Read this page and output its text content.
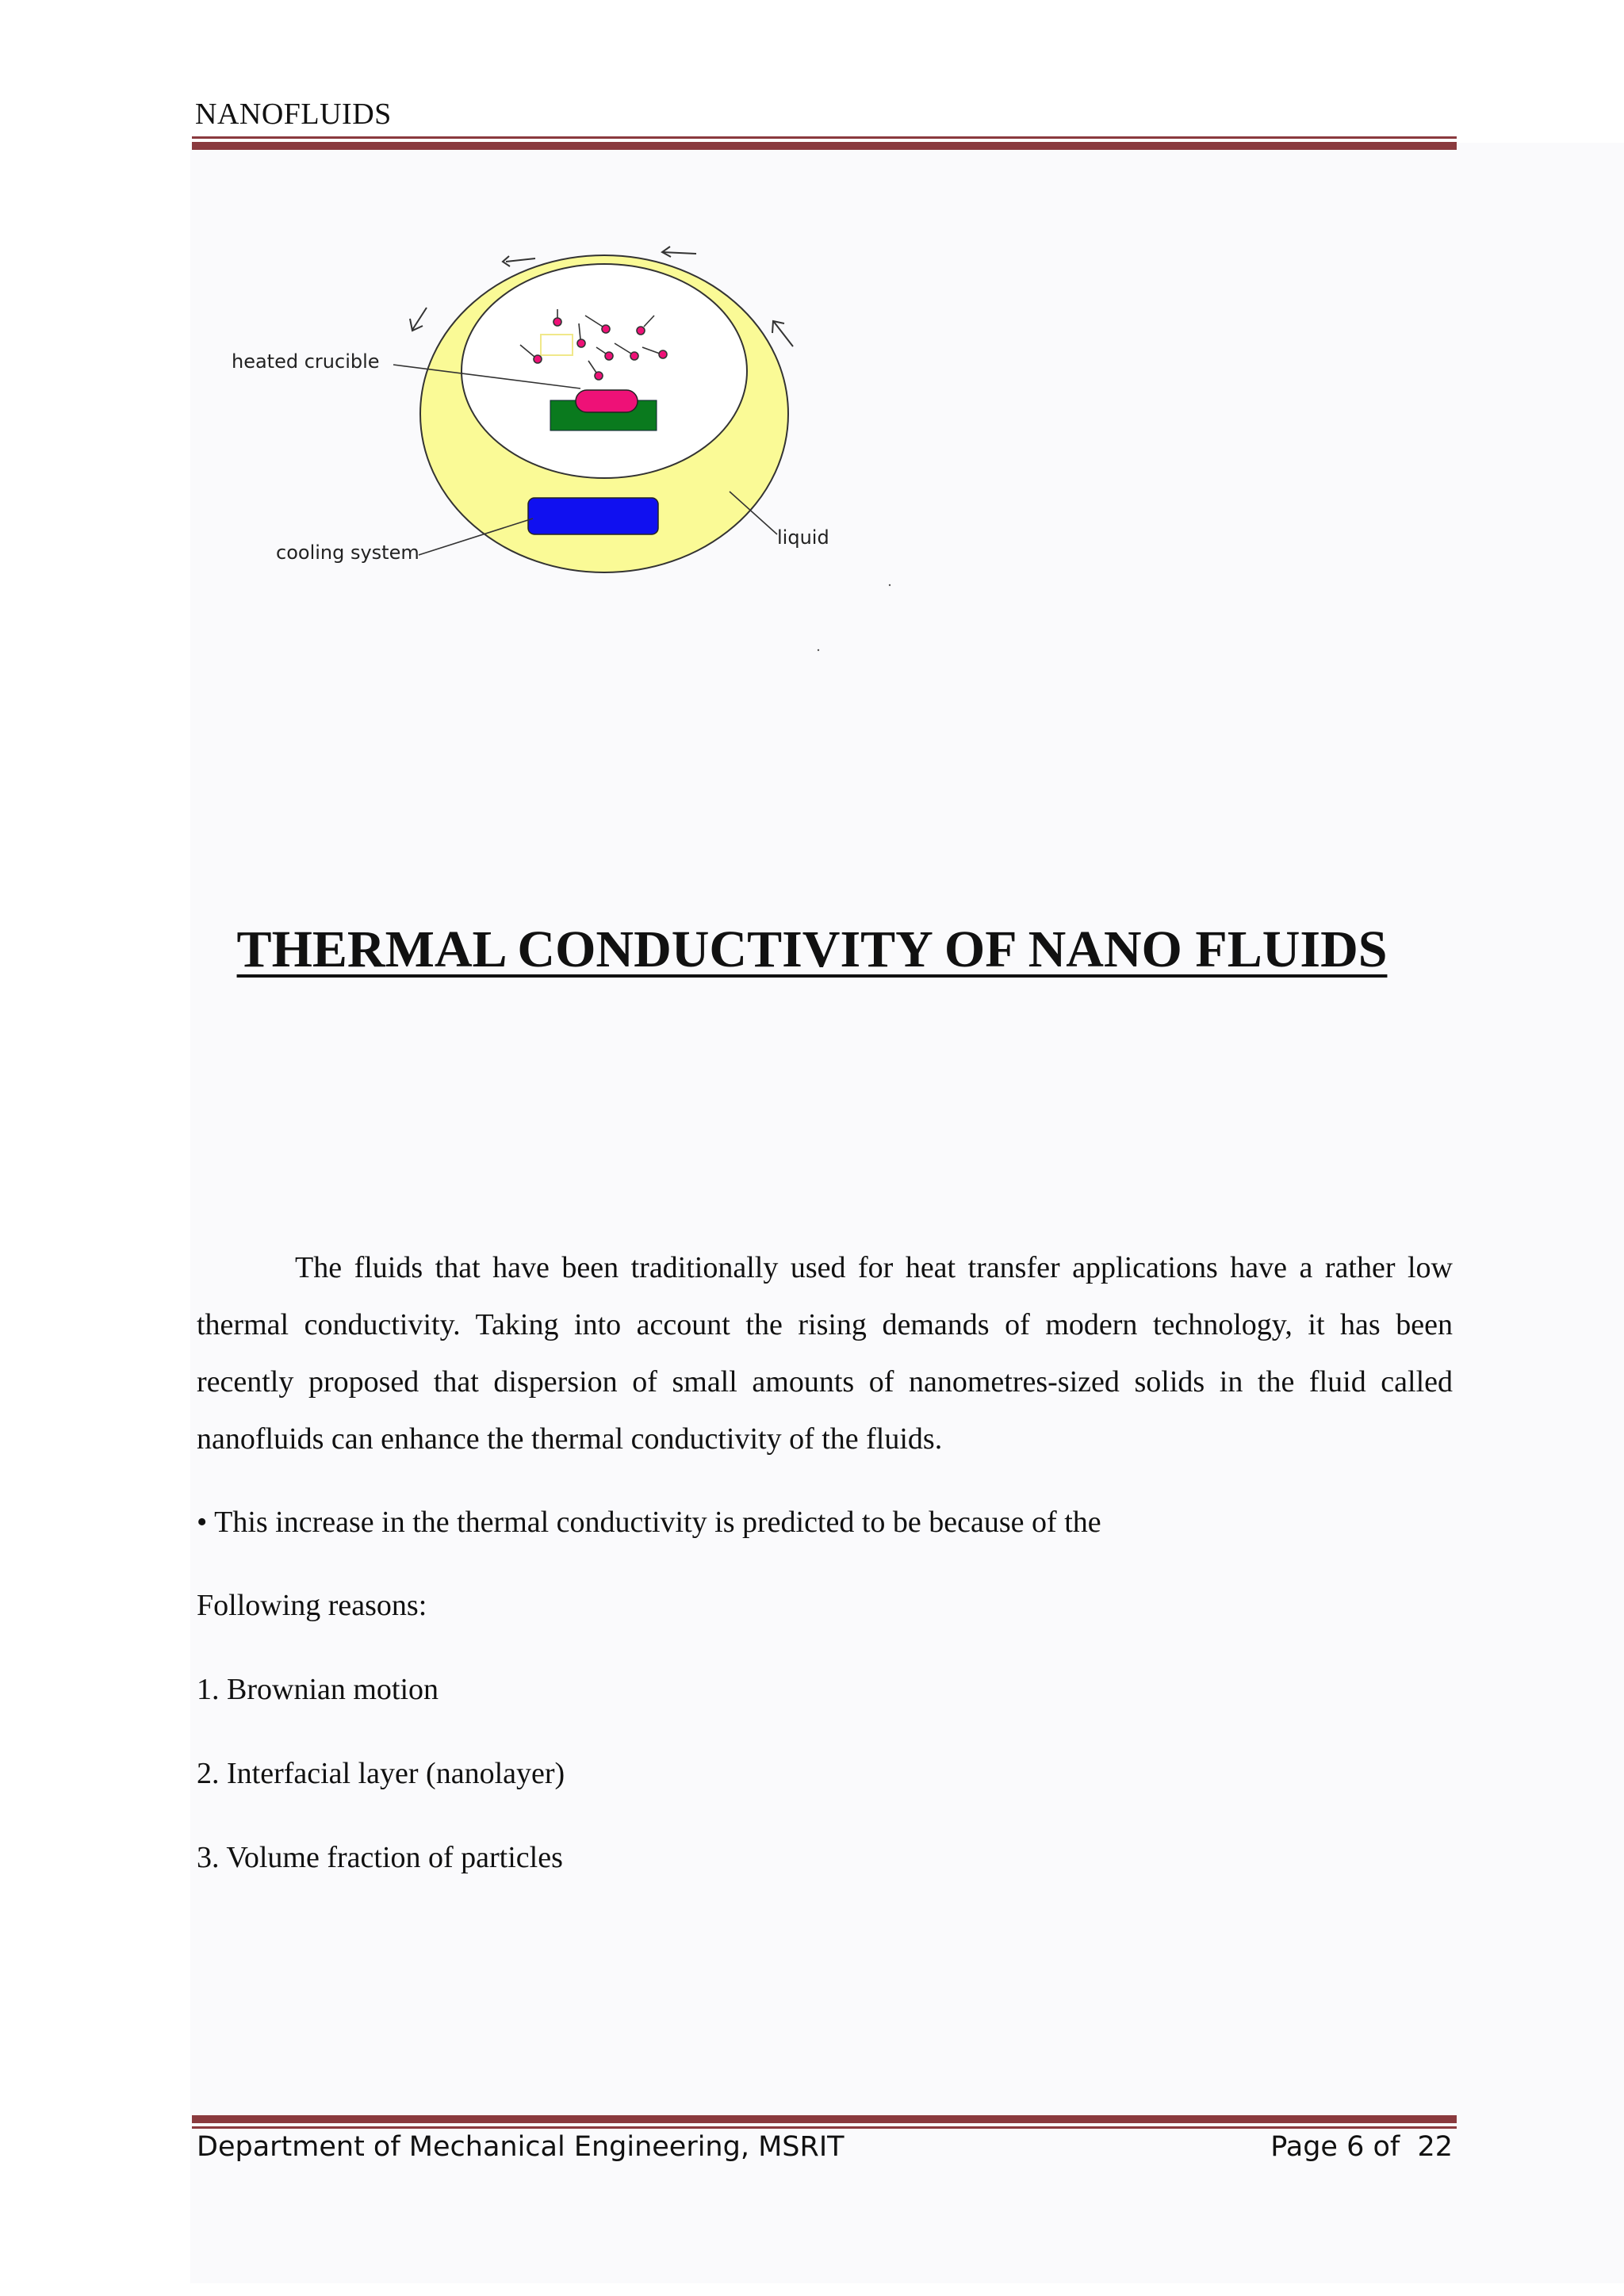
NANOFLUIDS
heated crucible
cooling system
liquid
THERMAL CONDUCTIVITY OF NANO FLUIDS

The fluids that have been traditionally used for heat transfer applications have a rather low thermal conductivity. Taking into account the rising demands of modern technology, it has been recently proposed that dispersion of small amounts of nanometres-sized solids in the fluid called nanofluids can enhance the thermal conductivity of the fluids.

• This increase in the thermal conductivity is predicted to be because of the
Following reasons:
1. Brownian motion
2. Interfacial layer (nanolayer)
3. Volume fraction of particles
Department of Mechanical Engineering, MSRIT	Page 6 of  22
